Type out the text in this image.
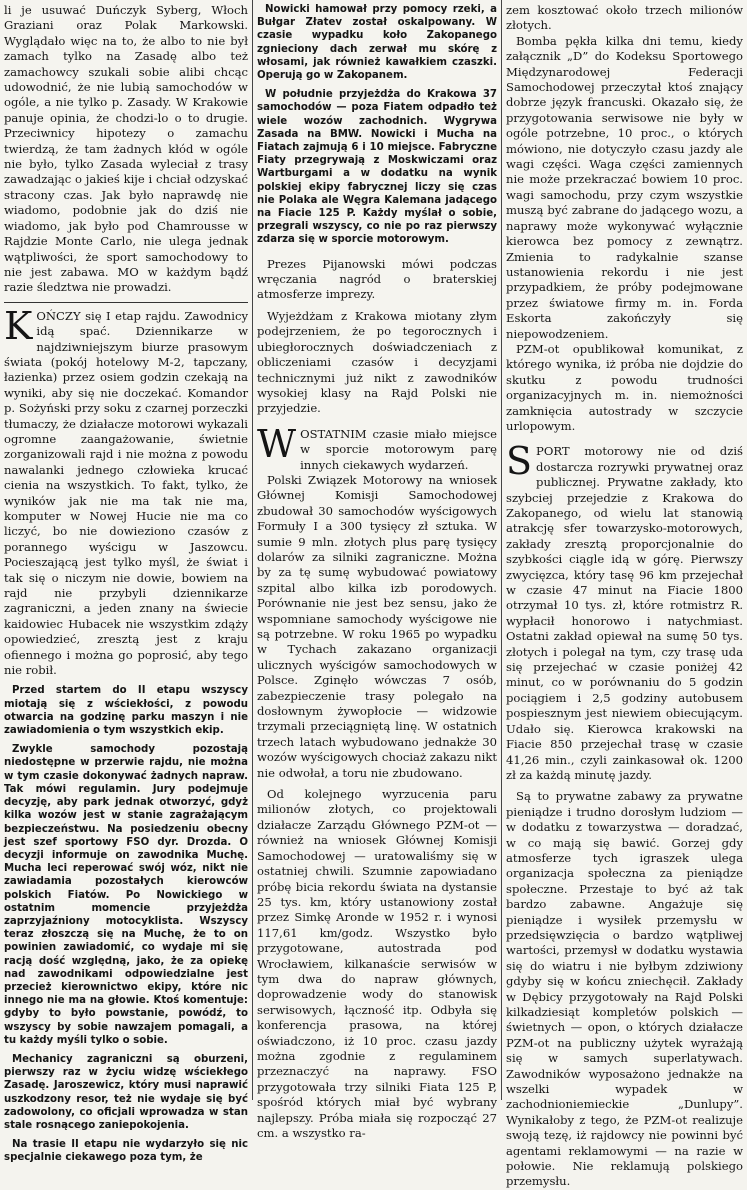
li je usuwać Duńczyk Syberg, Włoch Graziani oraz Polak Markowski. Wyglądało więc na to, że albo to nie był zamach tylko na Zasadę albo też zamachowcy szukali sobie alibi chcąc udowodnić, że nie lubią samochodów w ogóle, a nie tylko p. Zasady. W Krakowie panuje opinia, że chodzi-lo o to drugie. Przeciwnicy hipotezy o zamachu twierdzą, że tam żadnych kłód w ogóle nie było, tylko Zasada wyleciał z trasy zawadzając o jakieś kije i chciał odzyskać stracony czas. Jak było naprawdę nie wiadomo, podobnie jak do dziś nie wiadomo, jak było pod Chamrousse w Rajdzie Monte Carlo, nie ulega jednak wątpliwości, że sport samochodowy to nie jest zabawa. MO w każdym bądź razie śledztwa nie prowadzi.

KOŃCZY się I etap rajdu. Zawodnicy idą spać. Dziennikarze w najdziwniejszym biurze prasowym świata (pokój hotelowy M-2, tapczany, łazienka) przez osiem godzin czekają na wyniki, aby się nie doczekać. Komandor p. Sożyński przy soku z czarnej porzeczki tłumaczy, że działacze motorowi wykazali ogromne zaangażowanie, świetnie zorganizowali rajd i nie można z powodu nawalanki jednego człowieka krucać cienia na wszystkich. To fakt, tylko, że wyników jak nie ma tak nie ma, komputer w Nowej Hucie nie ma co liczyć, bo nie dowieziono czasów z porannego wyścigu w Jaszowcu. Pocieszającą jest tylko myśl, że świat i tak się o niczym nie dowie, bowiem na rajd nie przybyli dziennikarze zagraniczni, a jeden znany na świecie kaidowiec Hubacek nie wszystkim zdąży opowiedzieć, zresztą jest z kraju ofiennego i można go poprosić, aby tego nie robił.

Przed startem do II etapu wszyscy miotają się z wściekłości, z powodu otwarcia na godzinę parku maszyn i nie zawiadomienia o tym wszystkich ekip.

Zwykle samochody pozostają niedostępne w przerwie rajdu, nie można w tym czasie dokonywać żadnych napraw. Tak mówi regulamin. Jury podejmuje decyzję, aby park jednak otworzyć, gdyż kilka wozów jest w stanie zagrażającym bezpieczeństwu. Na posiedzeniu obecny jest szef sportowy FSO dyr. Drozda. O decyzji informuje on zawodnika Muchę. Mucha leci reperować swój wóz, nikt nie zawiadamia pozostałych kierowców polskich Fiatów. Po Nowickiego w ostatnim momencie przyjeżdża zaprzyjaźniony motocyklista. Wszyscy teraz złoszczą się na Muchę, że to on powinien zawiadomić, co wydaje mi się racją dość względną, jako, że za opiekę nad zawodnikami odpowiedzialne jest przecież kierownictwo ekipy, które nic innego nie ma na głowie. Ktoś komentuje: gdyby to było powstanie, powódź, to wszyscy by sobie nawzajem pomagali, a tu każdy myśli tylko o sobie.

Mechanicy zagraniczni są oburzeni, pierwszy raz w życiu widzę wściekłego Zasadę. Jaroszewicz, który musi naprawić uszkodzony resor, też nie wydaje się być zadowolony, co oficjali wprowadza w stan stale rosnącego zaniepokojenia.

Na trasie II etapu nie wydarzyło się nic specjalnie ciekawego poza tym, że

Nowicki hamował przy pomocy rzeki, a Bułgar Złatev został oskalpowany. W czasie wypadku koło Zakopanego zgnieciony dach zerwał mu skórę z włosami, jak również kawałkiem czaszki. Operują go w Zakopanem.

W południe przyjeżdża do Krakowa 37 samochodów — poza Fiatem odpadło też wiele wozów zachodnich. Wygrywa Zasada na BMW. Nowicki i Mucha na Fiatach zajmują 6 i 10 miejsce. Fabryczne Fiaty przegrywają z Moskwiczami oraz Wartburgami a w dodatku na wynik polskiej ekipy fabrycznej liczy się czas nie Polaka ale Węgra Kalemana jadącego na Fiacie 125 P. Każdy myślał o sobie, przegrali wszyscy, co nie po raz pierwszy zdarza się w sporcie motorowym.

Prezes Pijanowski mówi podczas wręczania nagród o braterskiej atmosferze imprezy.

Wyjeżdżam z Krakowa miotany złym podejrzeniem, że po tegorocznych i ubiegłorocznych doświadczeniach z obliczeniami czasów i decyzjami technicznymi już nikt z zawodników wysokiej klasy na Rajd Polski nie przyjedzie.

WOSTATNIM czasie miało miejsce w sporcie motorowym parę innych ciekawych wydarzeń.

Polski Związek Motorowy na wniosek Głównej Komisji Samochodowej zbudował 30 samochodów wyścigowych Formuły I a 300 tysięcy zł sztuka. W sumie 9 mln. złotych plus parę tysięcy dolarów za silniki zagraniczne. Można by za tę sumę wybudować powiatowy szpital albo kilka izb porodowych. Porównanie nie jest bez sensu, jako że wspomniane samochody wyścigowe nie są potrzebne. W roku 1965 po wypadku w Tychach zakazano organizacji ulicznych wyścigów samochodowych w Polsce. Zginęło wówczas 7 osób, zabezpieczenie trasy polegało na dosłownym żywopłocie — widzowie trzymali przeciągniętą linę. W ostatnich trzech latach wybudowano jednakże 30 wozów wyścigowych chociaż zakazu nikt nie odwołał, a toru nie zbudowano.

Od kolejnego wyrzucenia paru milionów złotych, co projektowali działacze Zarządu Głównego PZM-ot — również na wniosek Głównej Komisji Samochodowej — uratowaliśmy się w ostatniej chwili. Szumnie zapowiadano próbę bicia rekordu świata na dystansie 25 tys. km, który ustanowiony został przez Simkę Aronde w 1952 r. i wynosi 117,61 km/godz. Wszystko było przygotowane, autostrada pod Wrocławiem, kilkanaście serwisów w tym dwa do napraw głównych, doprowadzenie wody do stanowisk serwisowych, łączność itp. Odbyła się konferencja prasowa, na której oświadczono, iż 10 proc. czasu jazdy można zgodnie z regulaminem przeznaczyć na naprawy. FSO przygotowała trzy silniki Fiata 125 P, spośród których miał być wybrany najlepszy. Próba miała się rozpocząć 27 cm. a wszystko ra-

zem kosztować około trzech milionów złotych.

Bomba pękła kilka dni temu, kiedy załącznik „D” do Kodeksu Sportowego Międzynarodowej Federacji Samochodowej przeczytał ktoś znający dobrze język francuski. Okazało się, że przygotowania serwisowe nie były w ogóle potrzebne, 10 proc., o których mówiono, nie dotyczyło czasu jazdy ale wagi części. Waga części zamiennych nie może przekraczać bowiem 10 proc. wagi samochodu, przy czym wszystkie muszą być zabrane do jadącego wozu, a naprawy może wykonywać wyłącznie kierowca bez pomocy z zewnątrz. Zmienia to radykalnie szanse ustanowienia rekordu i nie jest przypadkiem, że próby podejmowane przez światowe firmy m. in. Forda Eskorta zakończyły się niepowodzeniem.

PZM-ot opublikował komunikat, z którego wynika, iż próba nie dojdzie do skutku z powodu trudności organizacyjnych m. in. niemożności zamknięcia autostrady w szczycie urlopowym.

SPORT motorowy nie od dziś dostarcza rozrywki prywatnej oraz publicznej. Prywatne zakłady, kto szybciej przejedzie z Krakowa do Zakopanego, od wielu lat stanowią atrakcję sfer towarzysko-motorowych, zakłady zresztą proporcjonalnie do szybkości ciągle idą w górę. Pierwszy zwycięzca, który tasę 96 km przejechał w czasie 47 minut na Fiacie 1800 otrzymał 10 tys. zł, które rotmistrz R. wypłacił honorowo i natychmiast. Ostatni zakład opiewał na sumę 50 tys. złotych i polegał na tym, czy trasę uda się przejechać w czasie poniżej 42 minut, co w porównaniu do 5 godzin pociągiem i 2,5 godziny autobusem pospiesznym jest niewiem obiecującym. Udało się. Kierowca krakowski na Fiacie 850 przejechał trasę w czasie 41,26 min., czyli zainkasował ok. 1200 zł za każdą minutę jazdy.

Są to prywatne zabawy za prywatne pieniądze i trudno dorosłym ludziom — w dodatku z towarzystwa — doradzać, w co mają się bawić. Gorzej gdy atmosferze tych igraszek ulega organizacja społeczna za pieniądze społeczne. Przestaje to być aż tak bardzo zabawne. Angażuje się pieniądze i wysiłek przemysłu w przedsięwzięcia o bardzo wątpliwej wartości, przemysł w dodatku wystawia się do wiatru i nie byłbym zdziwiony gdyby się w końcu zniechęcił. Zakłady w Dębicy przygotowały na Rajd Polski kilkadziesiąt kompletów polskich — świetnych — opon, o których działacze PZM-ot na publiczny użytek wyrażają się w samych superlatywach. Zawodników wyposażono jednakże na wszelki wypadek w zachodnioniemieckie „Dunlupy”. Wynikałoby z tego, że PZM-ot realizuje swoją tezę, iż rajdowcy nie powinni być agentami reklamowymi — na razie w połowie. Nie reklamują polskiego przemysłu.
